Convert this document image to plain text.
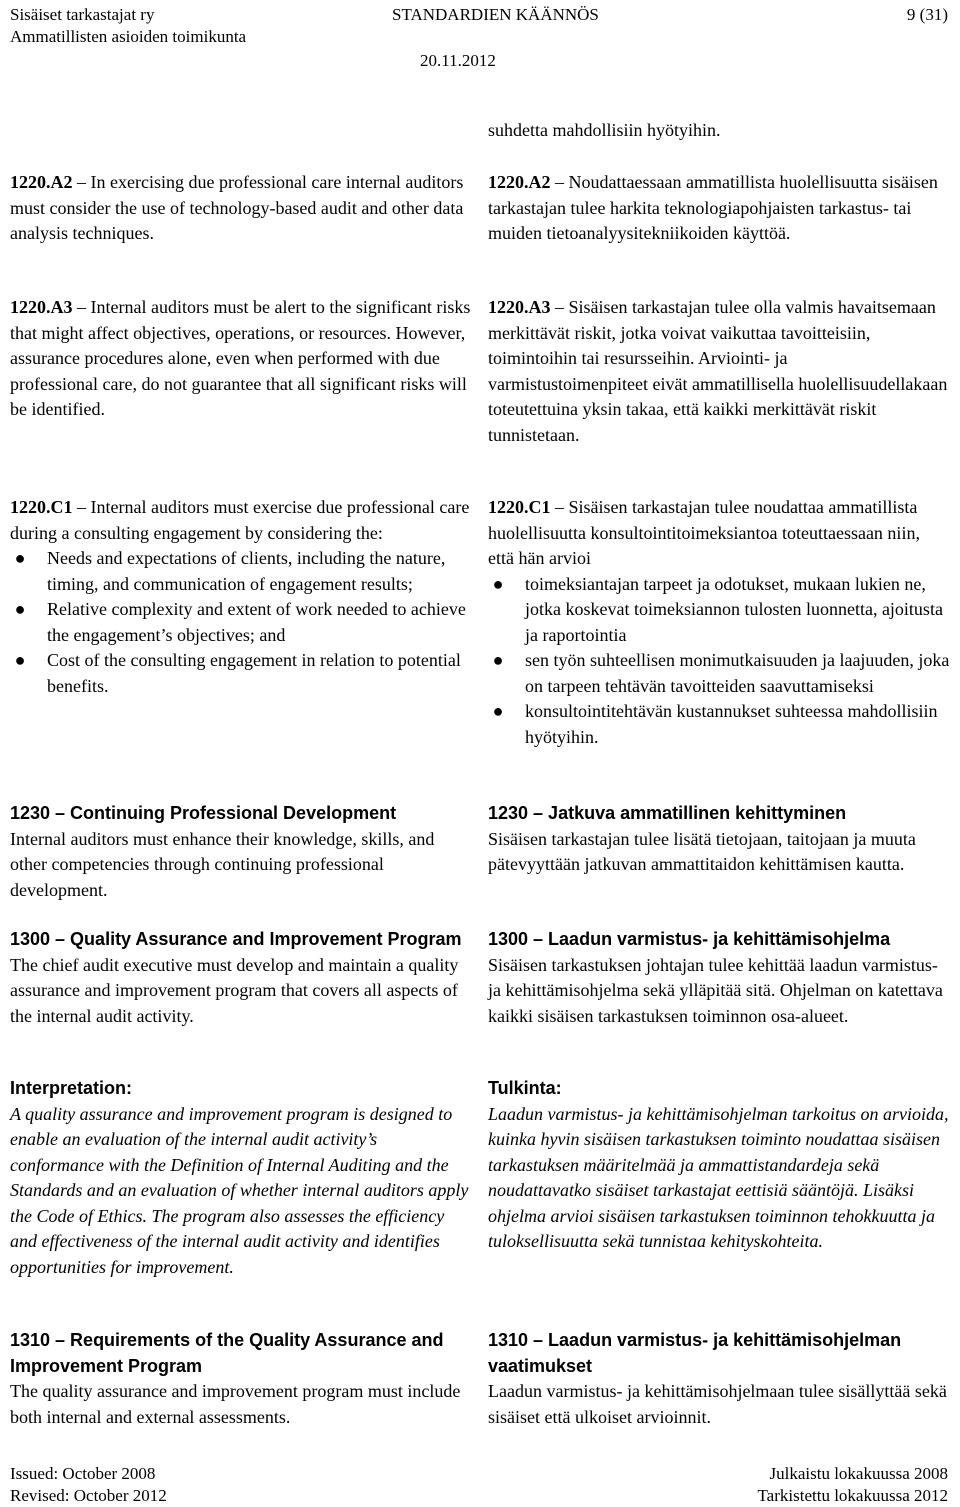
Sisäiset tarkastajat ry
Ammatillisten asioiden toimikunta
STANDARDIEN KÄÄNNÖS
20.11.2012
9 (31)

suhdetta mahdollisiin hyötyihin.

1220.A2 – In exercising due professional care internal auditors must consider the use of technology-based audit and other data analysis techniques.

1220.A2 – Noudattaessaan ammatillista huolellisuutta sisäisen tarkastajan tulee harkita teknologiapohjaisten tarkastus- tai muiden tietoanalyysitekniikoiden käyttöä.

1220.A3 – Internal auditors must be alert to the significant risks that might affect objectives, operations, or resources. However, assurance procedures alone, even when performed with due professional care, do not guarantee that all significant risks will be identified.

1220.A3 – Sisäisen tarkastajan tulee olla valmis havaitsemaan merkittävät riskit, jotka voivat vaikuttaa tavoitteisiin, toimintoihin tai resursseihin. Arviointi- ja varmistustoimenpiteet eivät ammatillisella huolellisuudellakaan toteutettuina yksin takaa, että kaikki merkittävät riskit tunnistetaan.

1220.C1 – Internal auditors must exercise due professional care during a consulting engagement by considering the:

● Needs and expectations of clients, including the nature, timing, and communication of engagement results;
● Relative complexity and extent of work needed to achieve the engagement’s objectives; and
● Cost of the consulting engagement in relation to potential benefits.

1220.C1 – Sisäisen tarkastajan tulee noudattaa ammatillista huolellisuutta konsultointitoimeksiantoa toteuttaessaan niin, että hän arvioi

● toimeksiantajan tarpeet ja odotukset, mukaan lukien ne, jotka koskevat toimeksiannon tulosten luonnetta, ajoitusta ja raportointia
● sen työn suhteellisen monimutkaisuuden ja laajuuden, joka on tarpeen tehtävän tavoitteiden saavuttamiseksi
● konsultointitehtävän kustannukset suhteessa mahdollisiin hyötyihin.

1230 – Continuing Professional Development

Internal auditors must enhance their knowledge, skills, and other competencies through continuing professional development.

1230 – Jatkuva ammatillinen kehittyminen

Sisäisen tarkastajan tulee lisätä tietojaan, taitojaan ja muuta pätevyyttään jatkuvan ammattitaidon kehittämisen kautta.

1300 – Quality Assurance and Improvement Program

The chief audit executive must develop and maintain a quality assurance and improvement program that covers all aspects of the internal audit activity.

1300 – Laadun varmistus- ja kehittämisohjelma

Sisäisen tarkastuksen johtajan tulee kehittää laadun varmistus- ja kehittämisohjelma sekä ylläpitää sitä. Ohjelman on katettava kaikki sisäisen tarkastuksen toiminnon osa-alueet.

Interpretation:

A quality assurance and improvement program is designed to enable an evaluation of the internal audit activity’s conformance with the Definition of Internal Auditing and the Standards and an evaluation of whether internal auditors apply the Code of Ethics. The program also assesses the efficiency and effectiveness of the internal audit activity and identifies opportunities for improvement.

Tulkinta:

Laadun varmistus- ja kehittämisohjelman tarkoitus on arvioida, kuinka hyvin sisäisen tarkastuksen toiminto noudattaa sisäisen tarkastuksen määritelmää ja ammattistandardeja sekä noudattavatko sisäiset tarkastajat eettisiä sääntöjä. Lisäksi ohjelma arvioi sisäisen tarkastuksen toiminnon tehokkuutta ja tuloksellisuutta sekä tunnistaa kehityskohteita.

1310 – Requirements of the Quality Assurance and Improvement Program

The quality assurance and improvement program must include both internal and external assessments.

1310 – Laadun varmistus- ja kehittämisohjelman vaatimukset

Laadun varmistus- ja kehittämisohjelmaan tulee sisällyttää sekä sisäiset että ulkoiset arvioinnit.

Issued: October 2008
Revised: October 2012
Julkaistu lokakuussa 2008
Tarkistettu lokakuussa 2012
